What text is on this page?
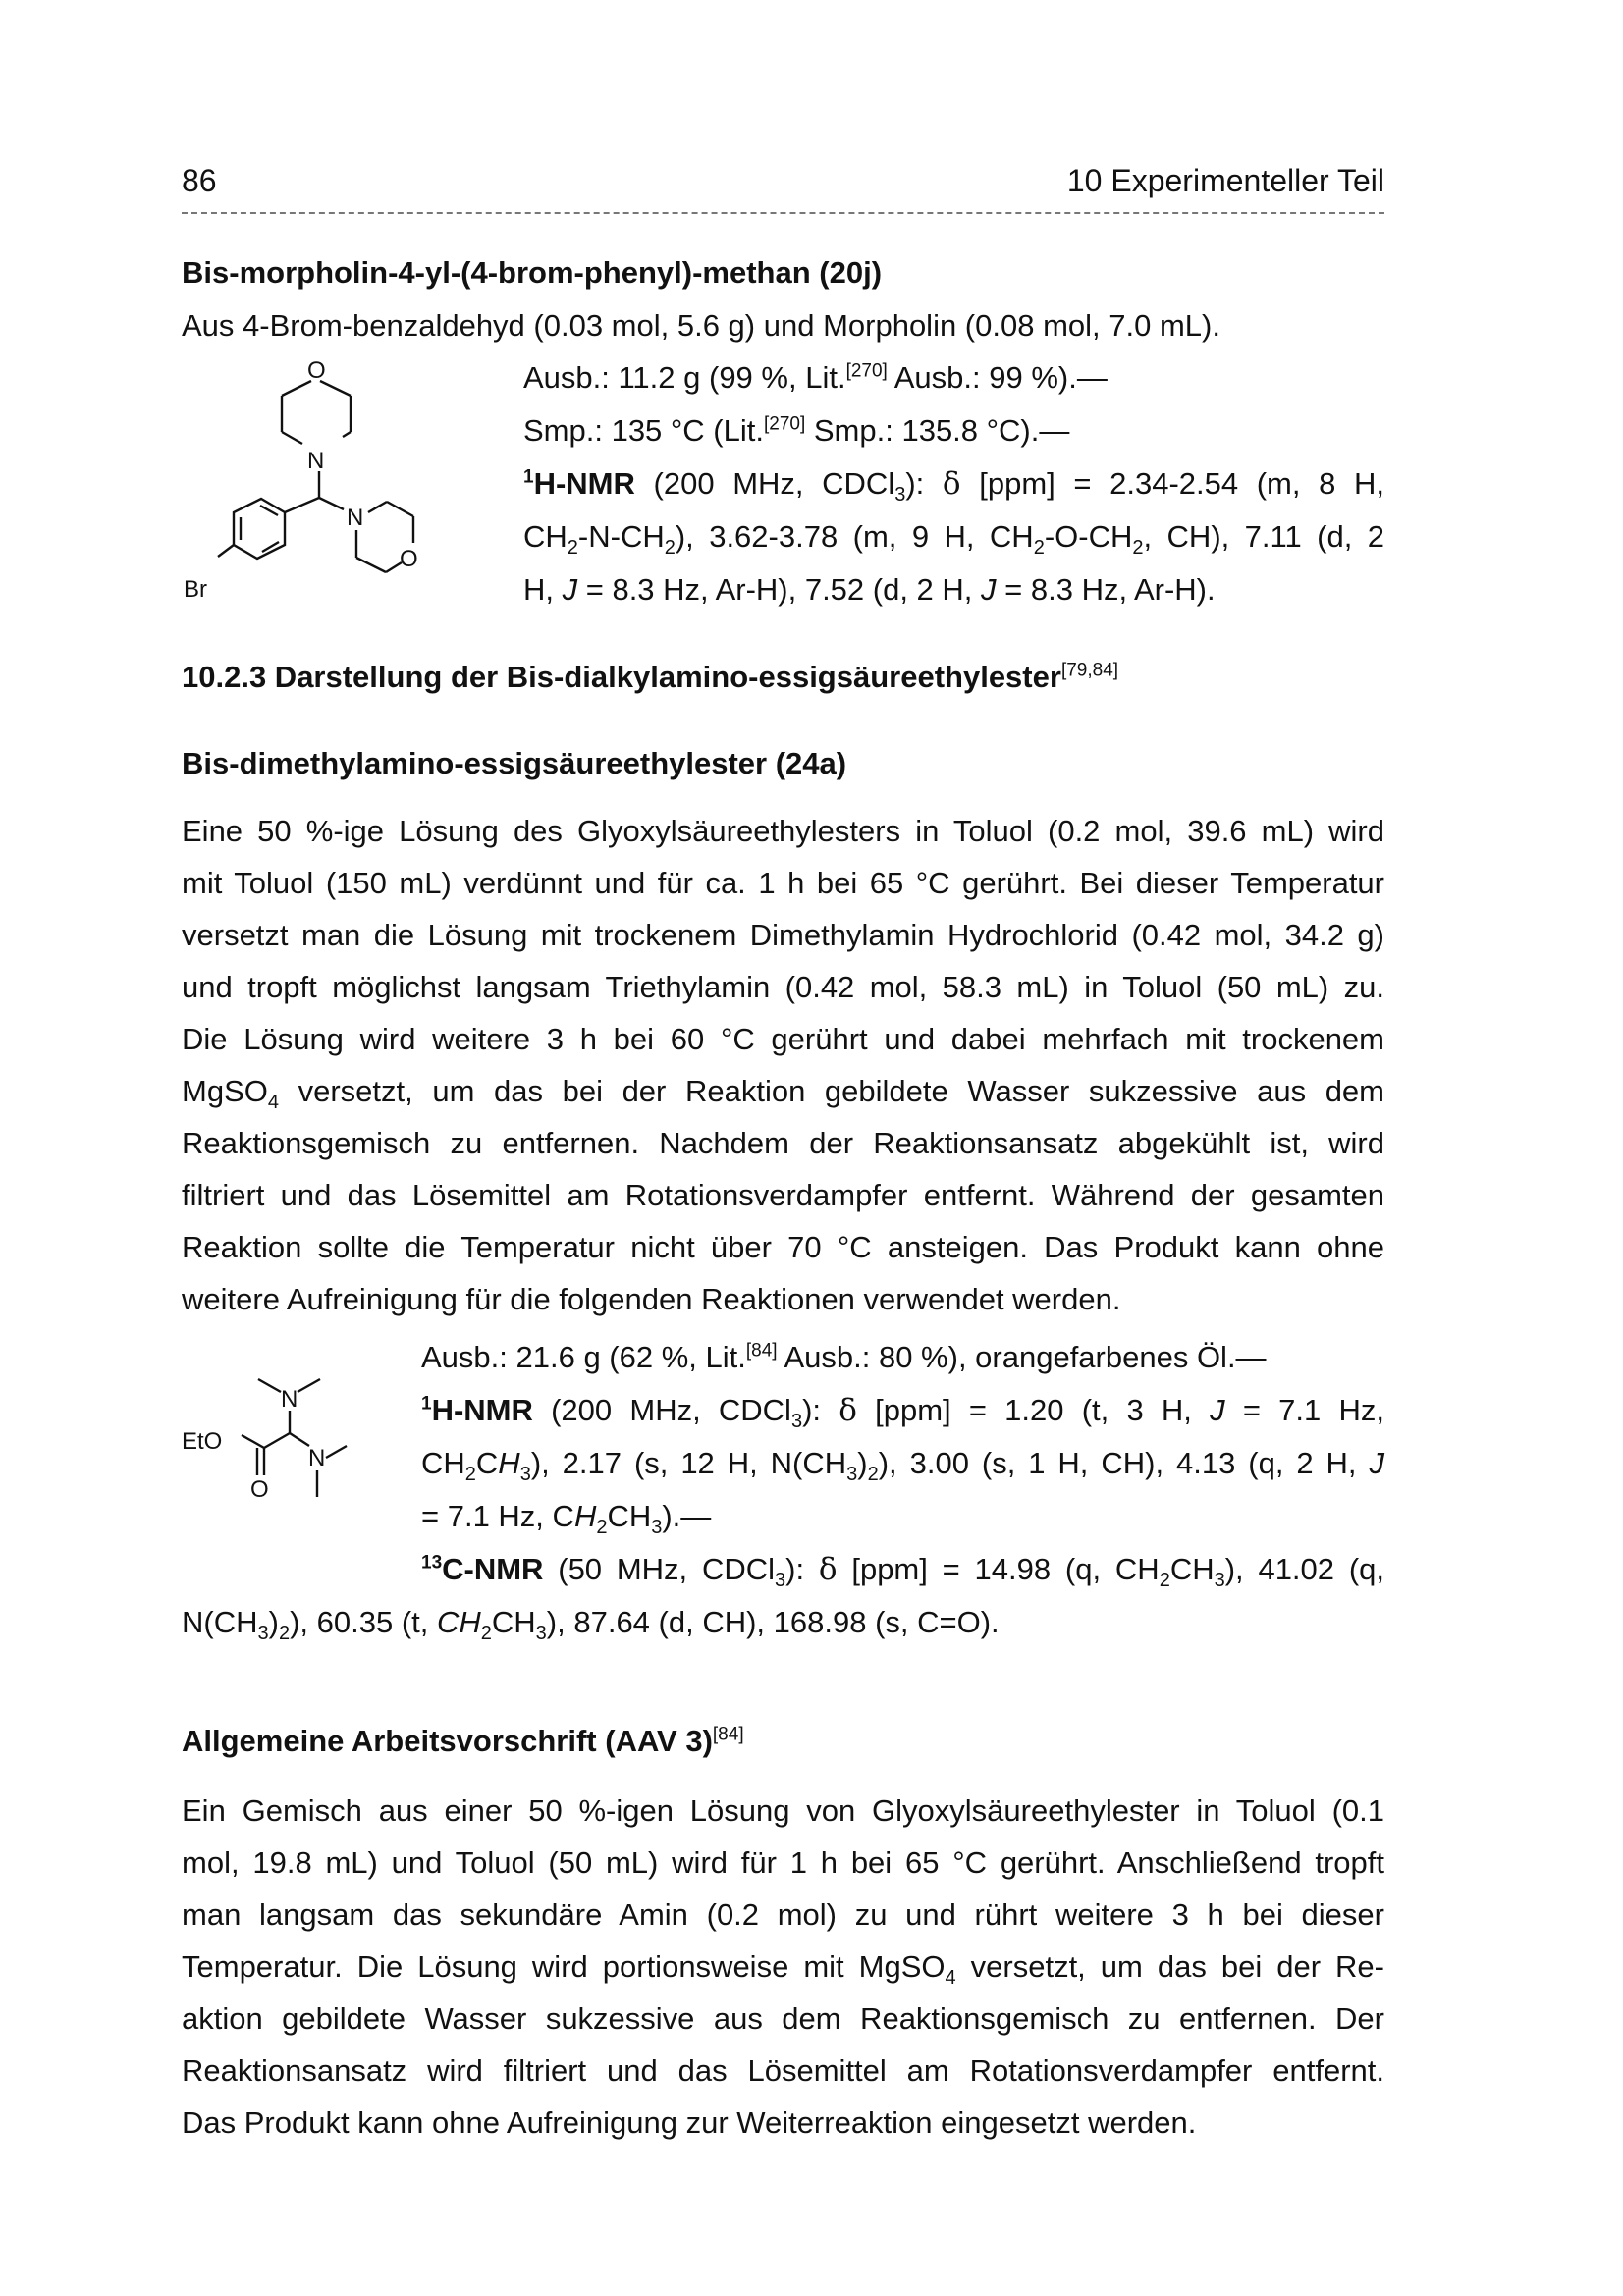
86	10 Experimenteller Teil
Bis-morpholin-4-yl-(4-brom-phenyl)-methan (20j)
Aus 4-Brom-benzaldehyd (0.03 mol, 5.6 g) und Morpholin (0.08 mol, 7.0 mL).
O
N
N
O
Br
Ausb.: 11.2 g (99 %, Lit.[270] Ausb.: 99 %).—
Smp.: 135 °C (Lit.[270] Smp.: 135.8 °C).—
$^1$H-NMR (200 MHz, CDCl$_3$): δ [ppm] = 2.34-2.54 (m, 8 H,
$CH_2-N-CH_2$), 3.62-3.78 (m, 9 H, $CH_2-O-CH_2$, CH), 7.11 (d, 2
H, J = 8.3 Hz, Ar-H), 7.52 (d, 2 H, J = 8.3 Hz, Ar-H).
10.2.3 Darstellung der Bis-dialkylamino-essigsäureethylester[79,84]
Bis-dimethylamino-essigsäureethylester (24a)
Eine 50 %-ige Lösung des Glyoxylsäureethylesters in Toluol (0.2 mol, 39.6 mL) wird
mit Toluol (150 mL) verdünnt und für ca. 1 h bei 65 °C gerührt. Bei dieser Temperatur
versetzt man die Lösung mit trockenem Dimethylamin Hydrochlorid (0.42 mol, 34.2 g)
und tropft möglichst langsam Triethylamin (0.42 mol, 58.3 mL) in Toluol (50 mL) zu.
Die Lösung wird weitere 3 h bei 60 °C gerührt und dabei mehrfach mit trockenem
MgSO$_4$ versetzt, um das bei der Reaktion gebildete Wasser sukzessive aus dem
Reaktionsgemisch zu entfernen. Nachdem der Reaktionsansatz abgekühlt ist, wird
filtriert und das Lösemittel am Rotationsverdampfer entfernt. Während der gesamten
Reaktion sollte die Temperatur nicht über 70 °C ansteigen. Das Produkt kann ohne
weitere Aufreinigung für die folgenden Reaktionen verwendet werden.
N
EtO
N
O
Ausb.: 21.6 g (62 %, Lit.[84] Ausb.: 80 %), orangefarbenes Öl.—
$^1$H-NMR (200 MHz, CDCl$_3$): δ [ppm] = 1.20 (t, 3 H, J = 7.1 Hz,
$CH_2CH_3$), 2.17 (s, 12 H, $N(CH_3)_2$), 3.00 (s, 1 H, CH), 4.13 (q, 2 H, J
= 7.1 Hz, $CH_2CH_3).—$
$^{13}$C-NMR (50 MHz, CDCl$_3$): δ [ppm] = 14.98 (q, $CH_2CH_3$), 41.02 (q,
$N(CH_3)_2$), 60.35 (t, $CH_2CH_3$), 87.64 (d, CH), 168.98 (s, C=O).
Allgemeine Arbeitsvorschrift (AAV 3)[84]
Ein Gemisch aus einer 50 %-igen Lösung von Glyoxylsäureethylester in Toluol (0.1
mol, 19.8 mL) und Toluol (50 mL) wird für 1 h bei 65 °C gerührt. Anschließend tropft
man langsam das sekundäre Amin (0.2 mol) zu und rührt weitere 3 h bei dieser
Temperatur. Die Lösung wird portionsweise mit MgSO$_4$ versetzt, um das bei der Re-
aktion gebildete Wasser sukzessive aus dem Reaktionsgemisch zu entfernen. Der
Reaktionsansatz wird filtriert und das Lösemittel am Rotationsverdampfer entfernt.
Das Produkt kann ohne Aufreinigung zur Weiterreaktion eingesetzt werden.
